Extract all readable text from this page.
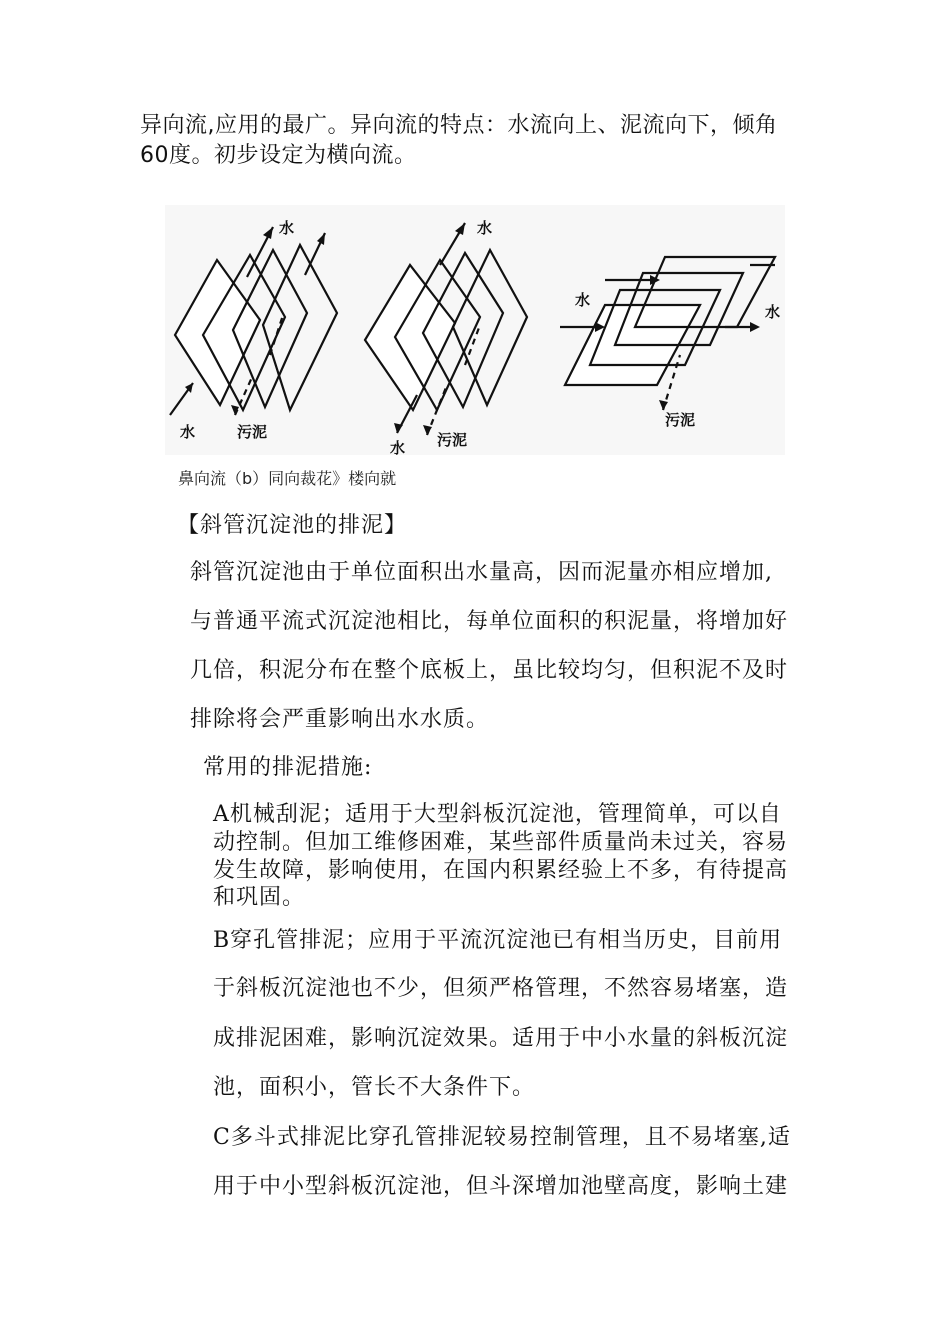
异向流,应用的最广。异向流的特点：水流向上、泥流向下，倾角
60度。初步设定为横向流。
水
水	污泥
水
水 污泥
水
水
污泥
鼻向流（b）同向裁花》楼向就
【斜管沉淀池的排泥】
斜管沉淀池由于单位面积出水量高，因而泥量亦相应增加,
与普通平流式沉淀池相比，每单位面积的积泥量，将增加好
几倍，积泥分布在整个底板上，虽比较均匀，但积泥不及时
排除将会严重影响出水水质。
常用的排泥措施:
A机械刮泥；适用于大型斜板沉淀池，管理简单，可以自
动控制。但加工维修困难，某些部件质量尚未过关，容易
发生故障，影响使用，在国内积累经验上不多，有待提高
和巩固。
B穿孔管排泥；应用于平流沉淀池已有相当历史，目前用
于斜板沉淀池也不少，但须严格管理，不然容易堵塞，造
成排泥困难，影响沉淀效果。适用于中小水量的斜板沉淀
池，面积小，管长不大条件下。
C多斗式排泥比穿孔管排泥较易控制管理，且不易堵塞,适
用于中小型斜板沉淀池，但斗深增加池壁高度，影响土建
